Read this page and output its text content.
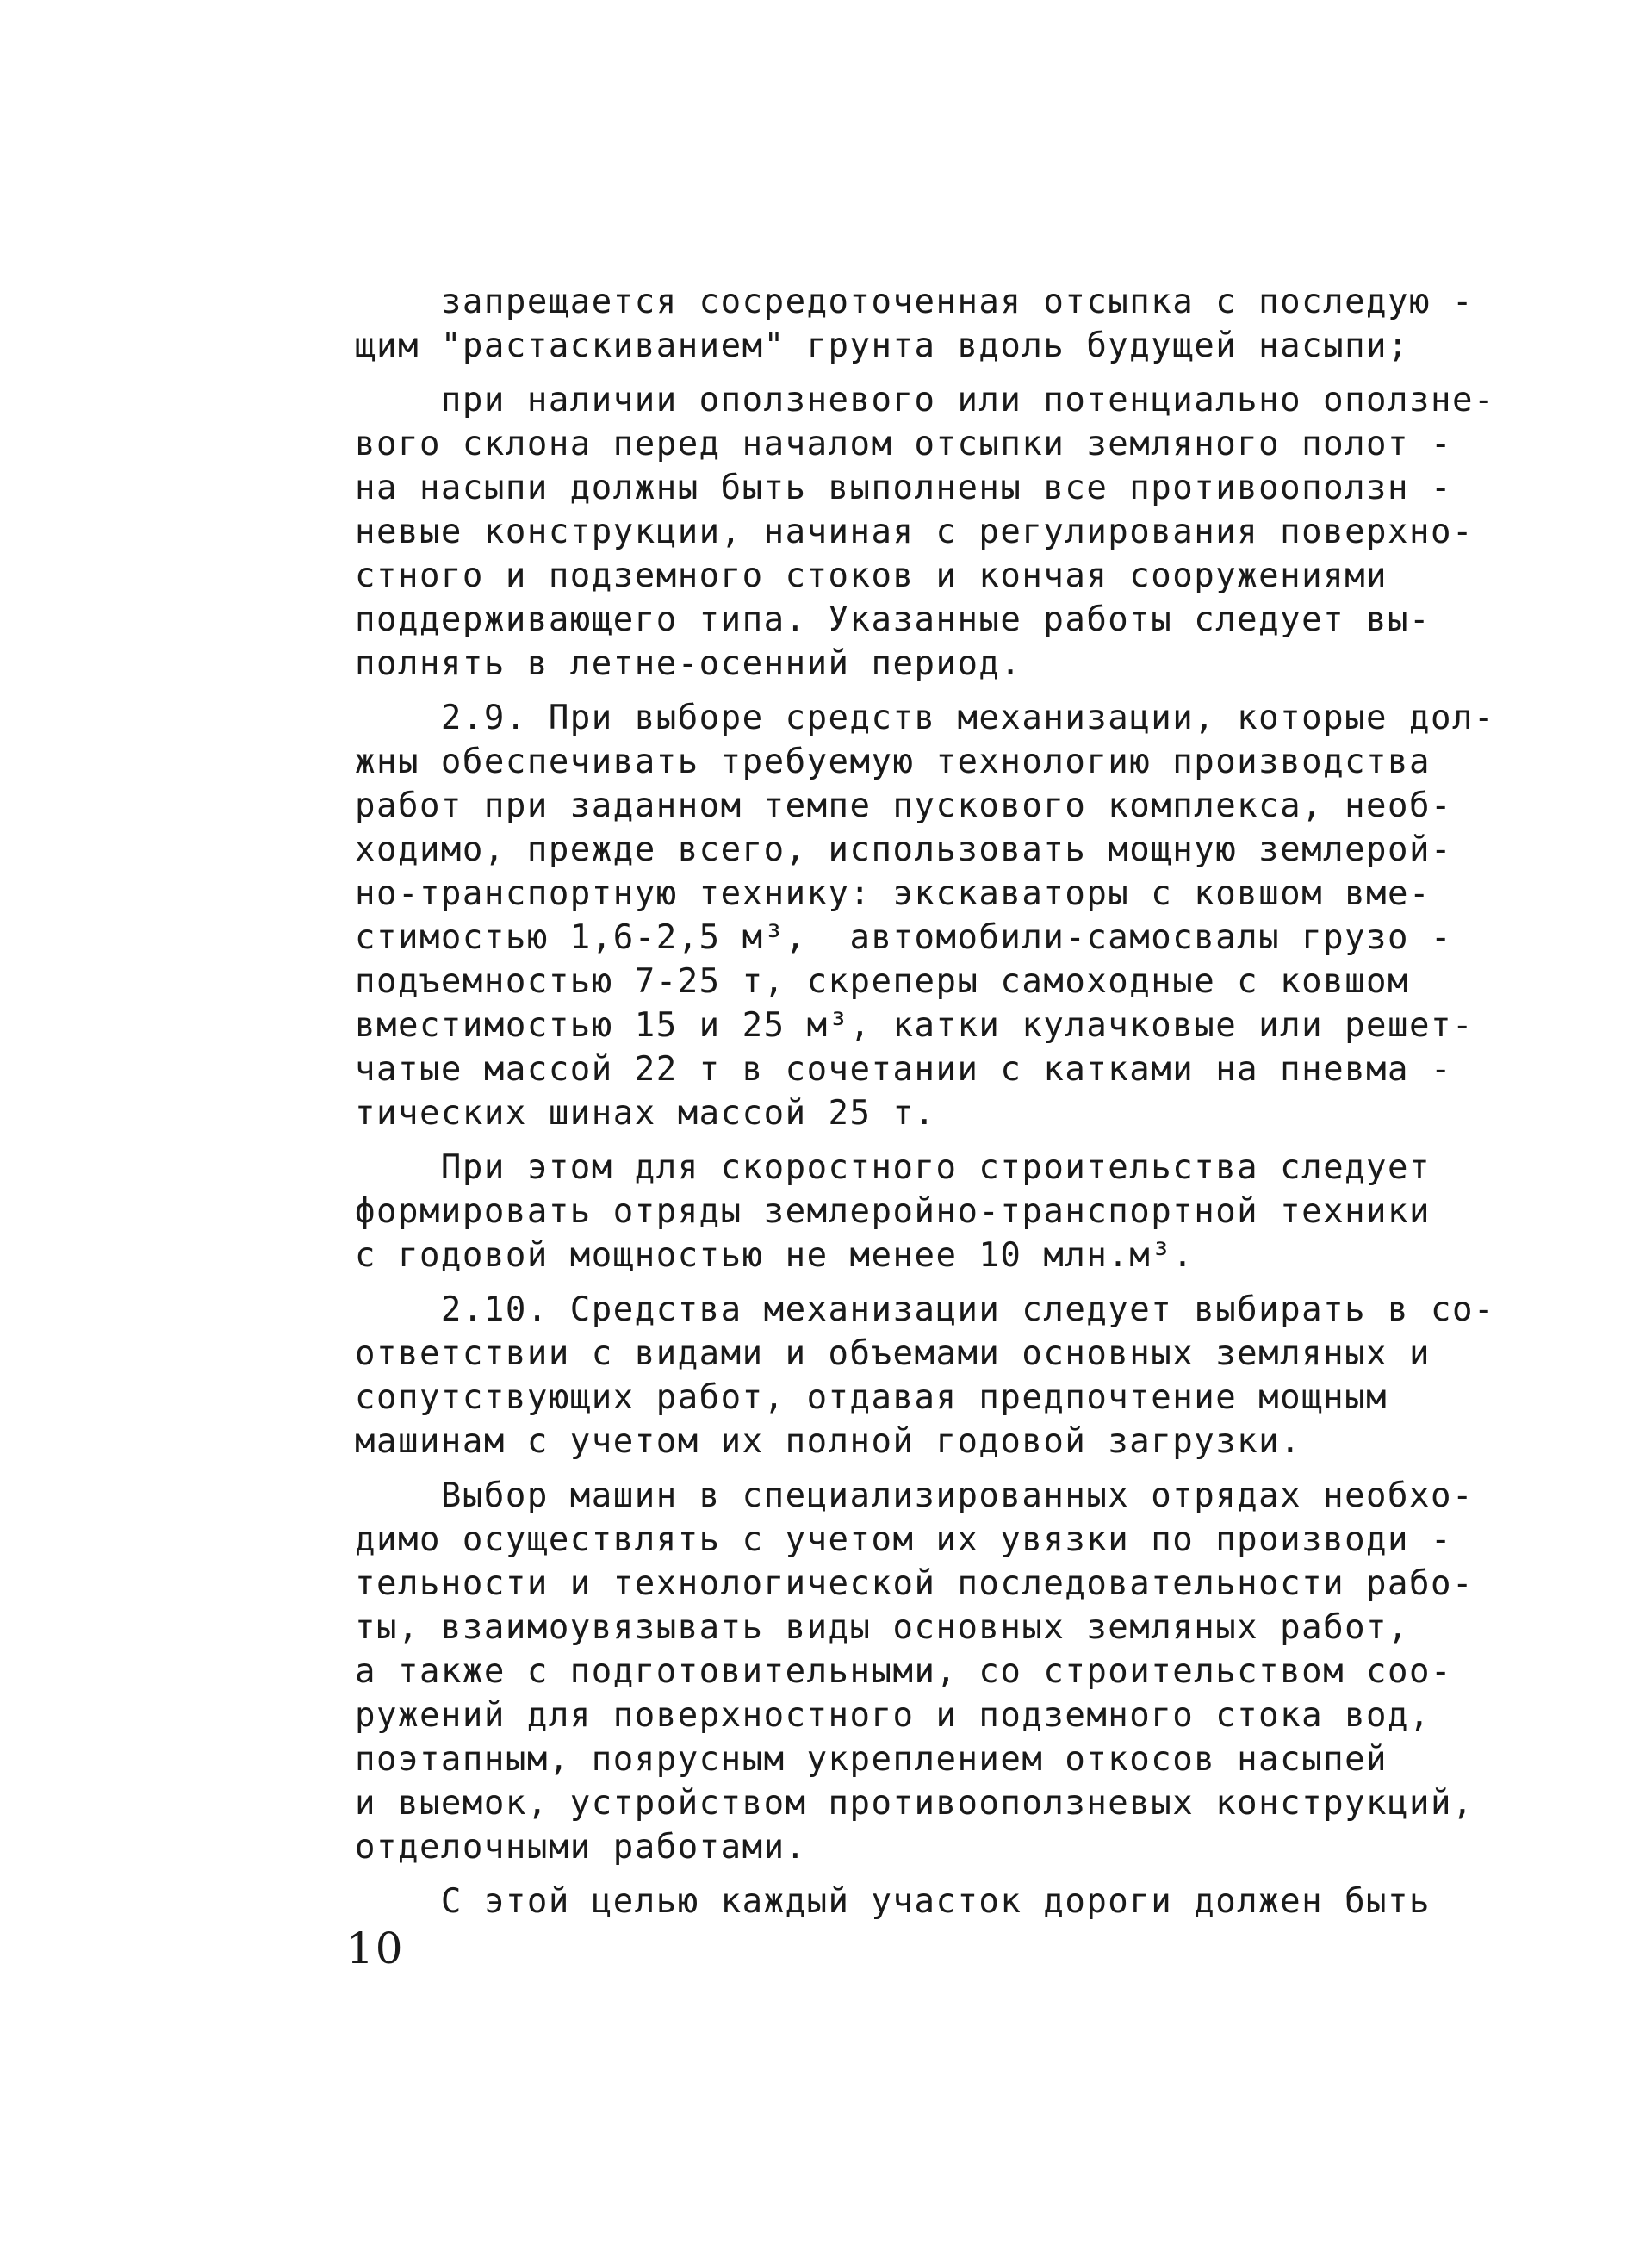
запрещается сосредоточенная отсыпка с последую -
щим "растаскиванием" грунта вдоль будущей насыпи;
при наличии оползневого или потенциально оползне-
вого склона перед началом отсыпки земляного полот -
на насыпи должны быть выполнены все противооползн -
невые конструкции, начиная с регулирования поверхно-
стного и подземного стоков и кончая сооружениями
поддерживающего типа. Указанные работы следует вы-
полнять в летне-осенний период.
2.9. При выборе средств механизации, которые дол-
жны обеспечивать требуемую технологию производства
работ при заданном темпе пускового комплекса, необ-
ходимо, прежде всего, использовать мощную землерой-
но-транспортную технику: экскаваторы с ковшом вме-
стимостью 1,6-2,5 м³,  автомобили-самосвалы грузо -
подъемностью 7-25 т, скреперы самоходные с ковшом
вместимостью 15 и 25 м³, катки кулачковые или решет-
чатые массой 22 т в сочетании с катками на пневма -
тических шинах массой 25 т.
При этом для скоростного строительства следует
формировать отряды землеройно-транспортной техники
с годовой мощностью не менее 10 млн.м³.
2.10. Средства механизации следует выбирать в со-
ответствии с видами и объемами основных земляных и
сопутствующих работ, отдавая предпочтение мощным
машинам с учетом их полной годовой загрузки.
Выбор машин в специализированных отрядах необхо-
димо осуществлять с учетом их увязки по производи -
тельности и технологической последовательности рабо-
ты, взаимоувязывать виды основных земляных работ,
а также с подготовительными, со строительством соо-
ружений для поверхностного и подземного стока вод,
поэтапным, поярусным укреплением откосов насыпей
и выемок, устройством противооползневых конструкций,
отделочными работами.
С этой целью каждый участок дороги должен быть
10
